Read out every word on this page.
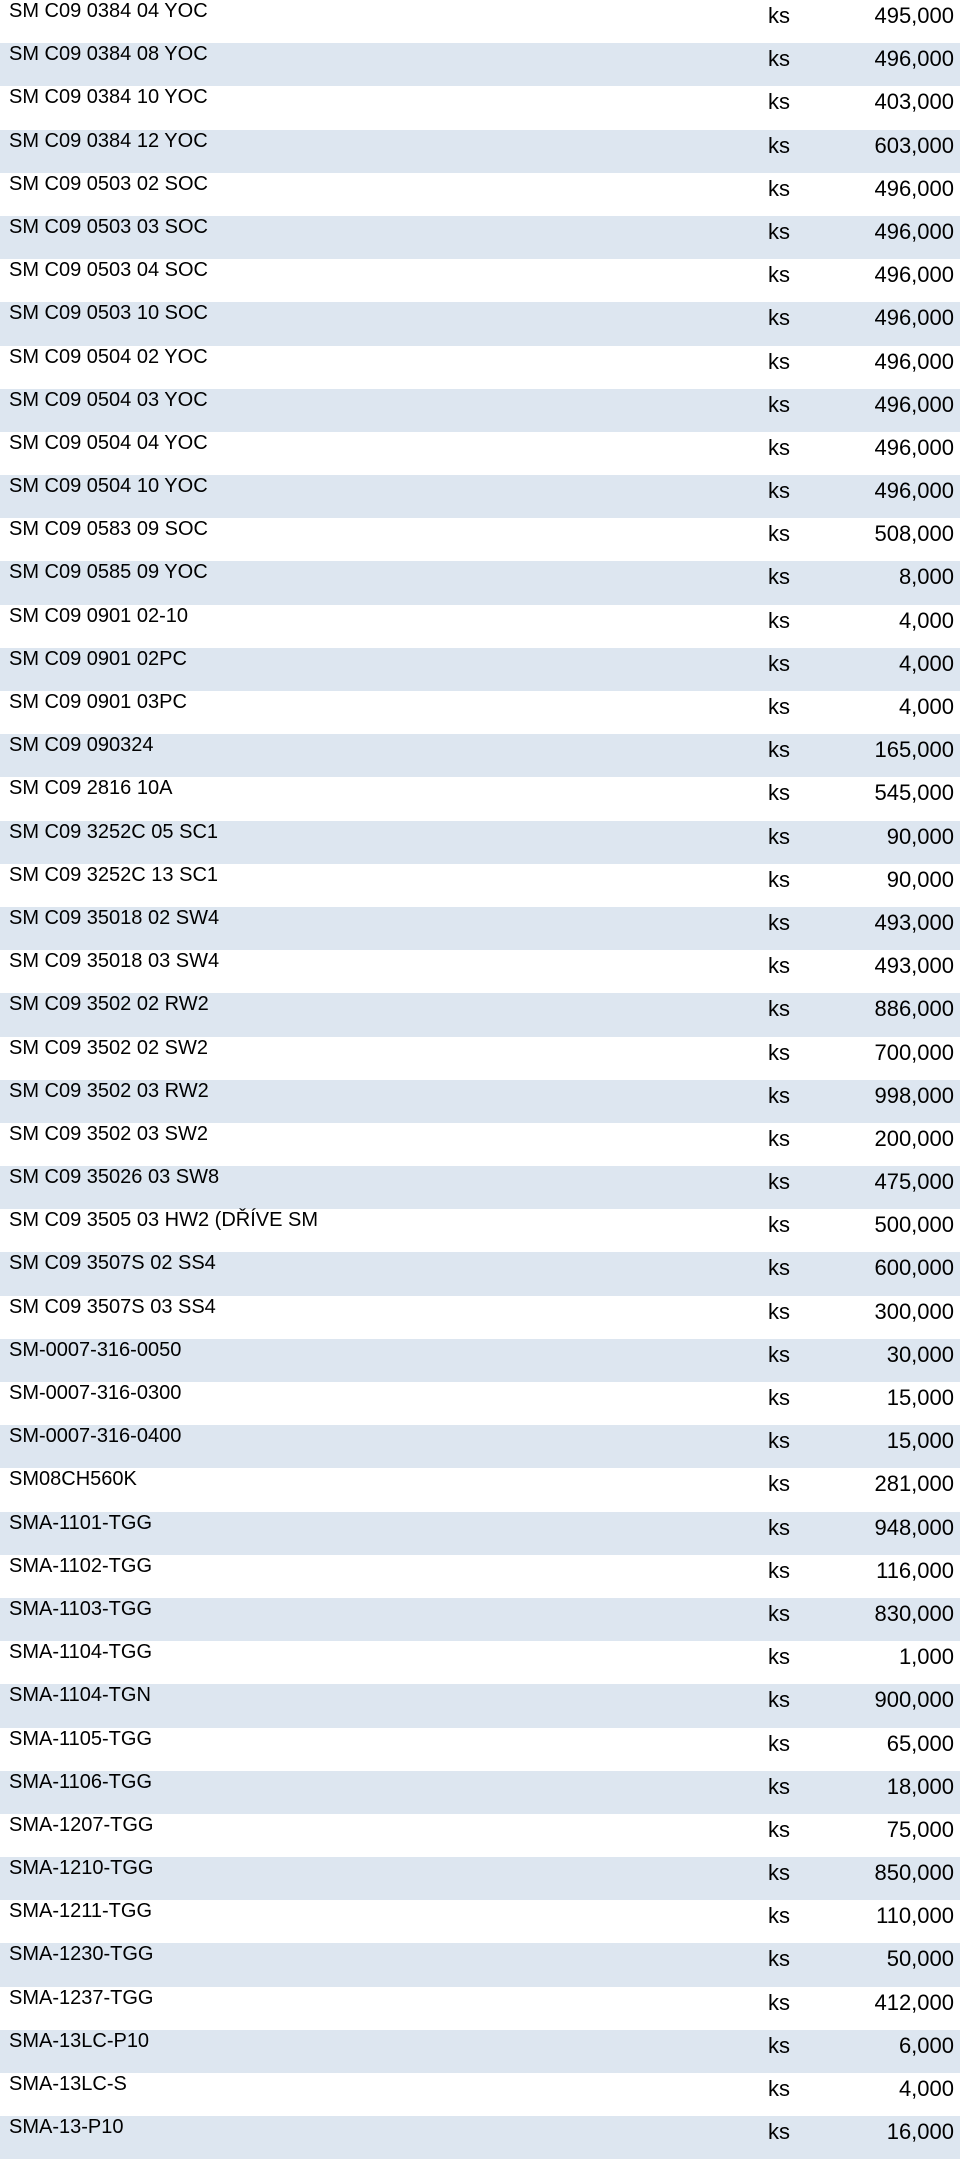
SM C09 0384 04 YOC	ks	495,000
SM C09 0384 08 YOC	ks	496,000
SM C09 0384 10 YOC	ks	403,000
SM C09 0384 12 YOC	ks	603,000
SM C09 0503 02 SOC	ks	496,000
SM C09 0503 03 SOC	ks	496,000
SM C09 0503 04 SOC	ks	496,000
SM C09 0503 10 SOC	ks	496,000
SM C09 0504 02 YOC	ks	496,000
SM C09 0504 03 YOC	ks	496,000
SM C09 0504 04 YOC	ks	496,000
SM C09 0504 10 YOC	ks	496,000
SM C09 0583 09 SOC	ks	508,000
SM C09 0585 09 YOC	ks	8,000
SM C09 0901 02-10	ks	4,000
SM C09 0901 02PC	ks	4,000
SM C09 0901 03PC	ks	4,000
SM C09 090324	ks	165,000
SM C09 2816 10A	ks	545,000
SM C09 3252C 05 SC1	ks	90,000
SM C09 3252C 13 SC1	ks	90,000
SM C09 35018 02 SW4	ks	493,000
SM C09 35018 03 SW4	ks	493,000
SM C09 3502 02 RW2	ks	886,000
SM C09 3502 02 SW2	ks	700,000
SM C09 3502 03 RW2	ks	998,000
SM C09 3502 03 SW2	ks	200,000
SM C09 35026 03 SW8	ks	475,000
SM C09 3505 03 HW2 (DŘÍVE SM	ks	500,000
SM C09 3507S 02 SS4	ks	600,000
SM C09 3507S 03 SS4	ks	300,000
SM-0007-316-0050	ks	30,000
SM-0007-316-0300	ks	15,000
SM-0007-316-0400	ks	15,000
SM08CH560K	ks	281,000
SMA-1101-TGG	ks	948,000
SMA-1102-TGG	ks	116,000
SMA-1103-TGG	ks	830,000
SMA-1104-TGG	ks	1,000
SMA-1104-TGN	ks	900,000
SMA-1105-TGG	ks	65,000
SMA-1106-TGG	ks	18,000
SMA-1207-TGG	ks	75,000
SMA-1210-TGG	ks	850,000
SMA-1211-TGG	ks	110,000
SMA-1230-TGG	ks	50,000
SMA-1237-TGG	ks	412,000
SMA-13LC-P10	ks	6,000
SMA-13LC-S	ks	4,000
SMA-13-P10	ks	16,000
